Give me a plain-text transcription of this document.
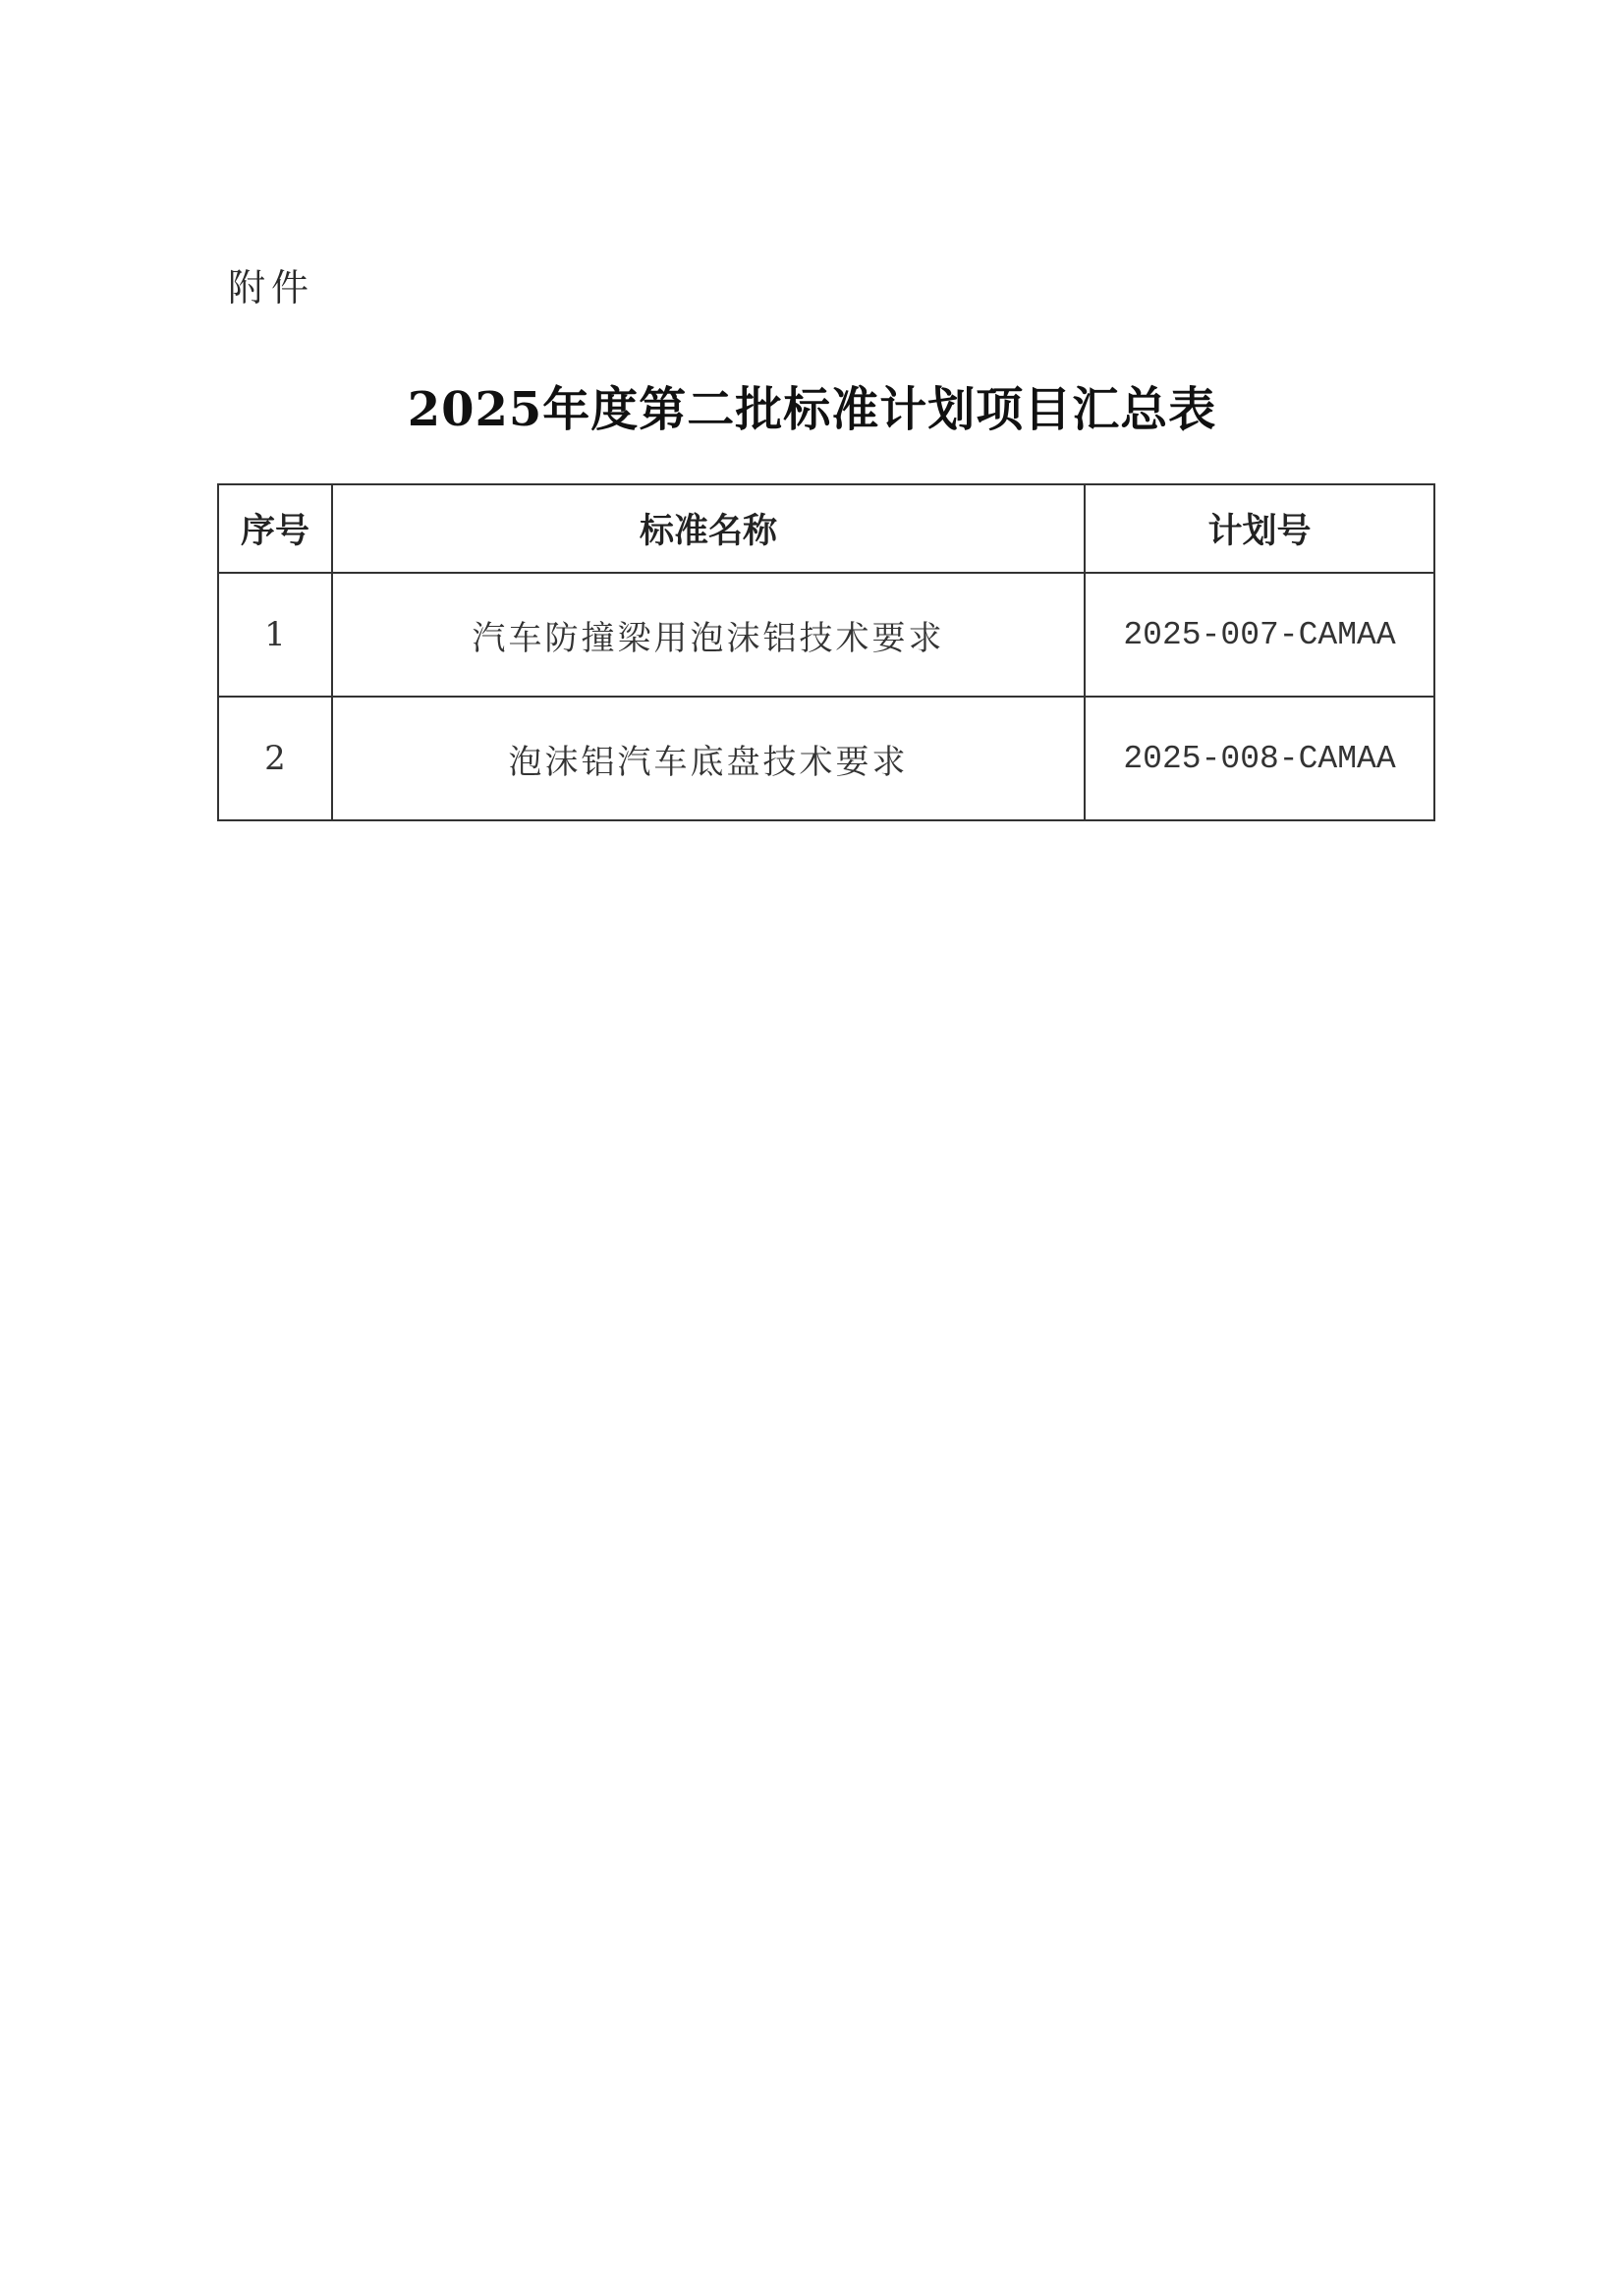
附件
2025年度第二批标准计划项目汇总表
序号	标准名称	计划号
1	汽车防撞梁用泡沫铝技术要求	2025-007-CAMAA
2	泡沫铝汽车底盘技术要求	2025-008-CAMAA
